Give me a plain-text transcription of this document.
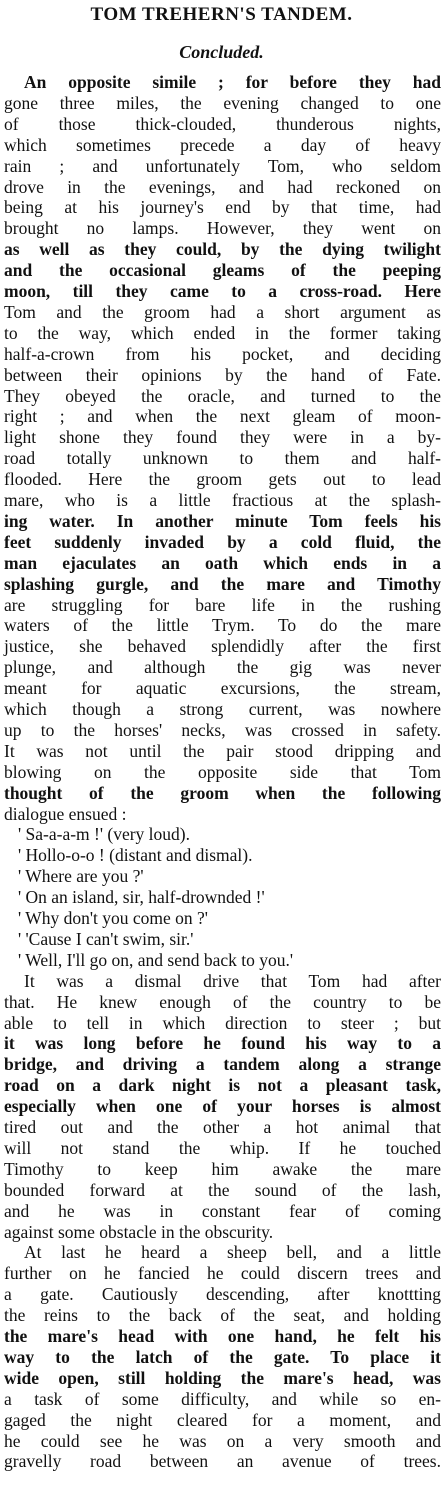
TOM TREHERN'S TANDEM.
Concluded.
An opposite simile ; for before they had
gone three miles, the evening changed to one
of those thick-clouded, thunderous nights,
which sometimes precede a day of heavy
rain ; and unfortunately Tom, who seldom
drove in the evenings, and had reckoned on
being at his journey's end by that time, had
brought no lamps. However, they went on
as well as they could, by the dying twilight
and the occasional gleams of the peeping
moon, till they came to a cross-road. Here
Tom and the groom had a short argument as
to the way, which ended in the former taking
half-a-crown from his pocket, and deciding
between their opinions by the hand of Fate.
They obeyed the oracle, and turned to the
right ; and when the next gleam of moon-
light shone they found they were in a by-
road totally unknown to them and half-
flooded. Here the groom gets out to lead
mare, who is a little fractious at the splash-
ing water. In another minute Tom feels his
feet suddenly invaded by a cold fluid, the
man ejaculates an oath which ends in a
splashing gurgle, and the mare and Timothy
are struggling for bare life in the rushing
waters of the little Trym. To do the mare
justice, she behaved splendidly after the first
plunge, and although the gig was never
meant for aquatic excursions, the stream,
which though a strong current, was nowhere
up to the horses' necks, was crossed in safety.
It was not until the pair stood dripping and
blowing on the opposite side that Tom
thought of the groom when the following
dialogue ensued :
' Sa-a-a-m !' (very loud).
' Hollo-o-o ! (distant and dismal).
' Where are you ?'
' On an island, sir, half-drownded !'
' Why don't you come on ?'
' 'Cause I can't swim, sir.'
' Well, I'll go on, and send back to you.'
It was a dismal drive that Tom had after
that. He knew enough of the country to be
able to tell in which direction to steer ; but
it was long before he found his way to a
bridge, and driving a tandem along a strange
road on a dark night is not a pleasant task,
especially when one of your horses is almost
tired out and the other a hot animal that
will not stand the whip. If he touched
Timothy to keep him awake the mare
bounded forward at the sound of the lash,
and he was in constant fear of coming
against some obstacle in the obscurity.
At last he heard a sheep bell, and a little
further on he fancied he could discern trees and
a gate. Cautiously descending, after knottting
the reins to the back of the seat, and holding
the mare's head with one hand, he felt his
way to the latch of the gate. To place it
wide open, still holding the mare's head, was
a task of some difficulty, and while so en-
gaged the night cleared for a moment, and
he could see he was on a very smooth and
gravelly road between an avenue of trees.
